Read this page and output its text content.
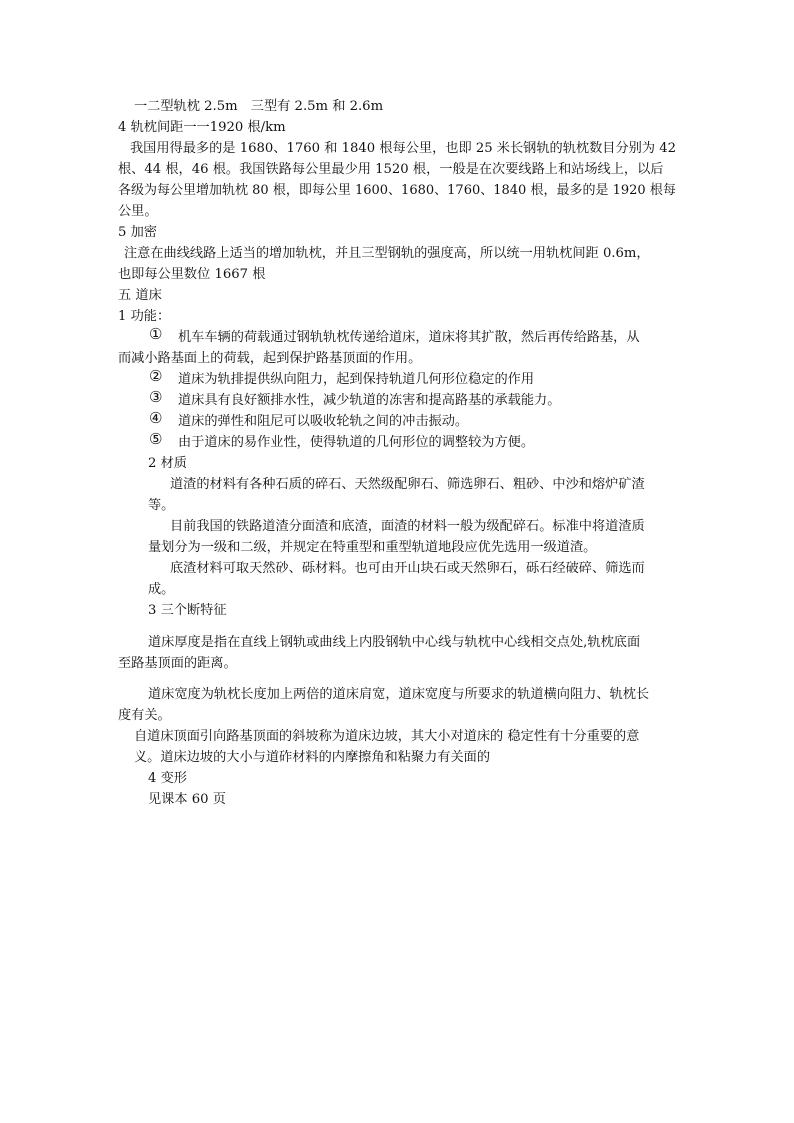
一二型轨枕 2.5m　三型有 2.5m 和 2.6m

4 轨枕间距一一1920 根/km

我国用得最多的是 1680、1760 和 1840 根每公里，也即 25 米长钢轨的轨枕数目分别为 42

根、44 根，46 根。我国铁路每公里最少用 1520 根，一般是在次要线路上和站场线上，以后

各级为每公里增加轨枕 80 根，即每公里 1600、1680、1760、1840 根，最多的是 1920 根每

公里。

5 加密

注意在曲线线路上适当的增加轨枕，并且三型钢轨的强度高，所以统一用轨枕间距 0.6m，

也即每公里数位 1667 根

五 道床

1 功能：

① 机车车辆的荷载通过钢轨轨枕传递给道床，道床将其扩散，然后再传给路基，从

而减小路基面上的荷载，起到保护路基顶面的作用。

② 道床为轨排提供纵向阻力，起到保持轨道几何形位稳定的作用

③ 道床具有良好额排水性，减少轨道的冻害和提高路基的承载能力。

④ 道床的弹性和阻尼可以吸收轮轨之间的冲击振动。

⑤ 由于道床的易作业性，使得轨道的几何形位的调整较为方便。

2 材质

道渣的材料有各种石质的碎石、天然级配卵石、筛选卵石、粗砂、中沙和熔炉矿渣

等。

目前我国的铁路道渣分面渣和底渣，面渣的材料一般为级配碎石。标准中将道渣质

量划分为一级和二级，并规定在特重型和重型轨道地段应优先选用一级道渣。

底渣材料可取天然砂、砾材料。也可由开山块石或天然卵石，砾石经破碎、筛选而

成。

3 三个断特征

道床厚度是指在直线上钢轨或曲线上内股钢轨中心线与轨枕中心线相交点处,轨枕底面

至路基顶面的距离。

道床宽度为轨枕长度加上两倍的道床肩宽，道床宽度与所要求的轨道横向阻力、轨枕长

度有关。

自道床顶面引向路基顶面的斜坡称为道床边坡，其大小对道床的 稳定性有十分重要的意

义。道床边坡的大小与道砟材料的内摩擦角和粘聚力有关面的

4 变形

见课本 60 页
